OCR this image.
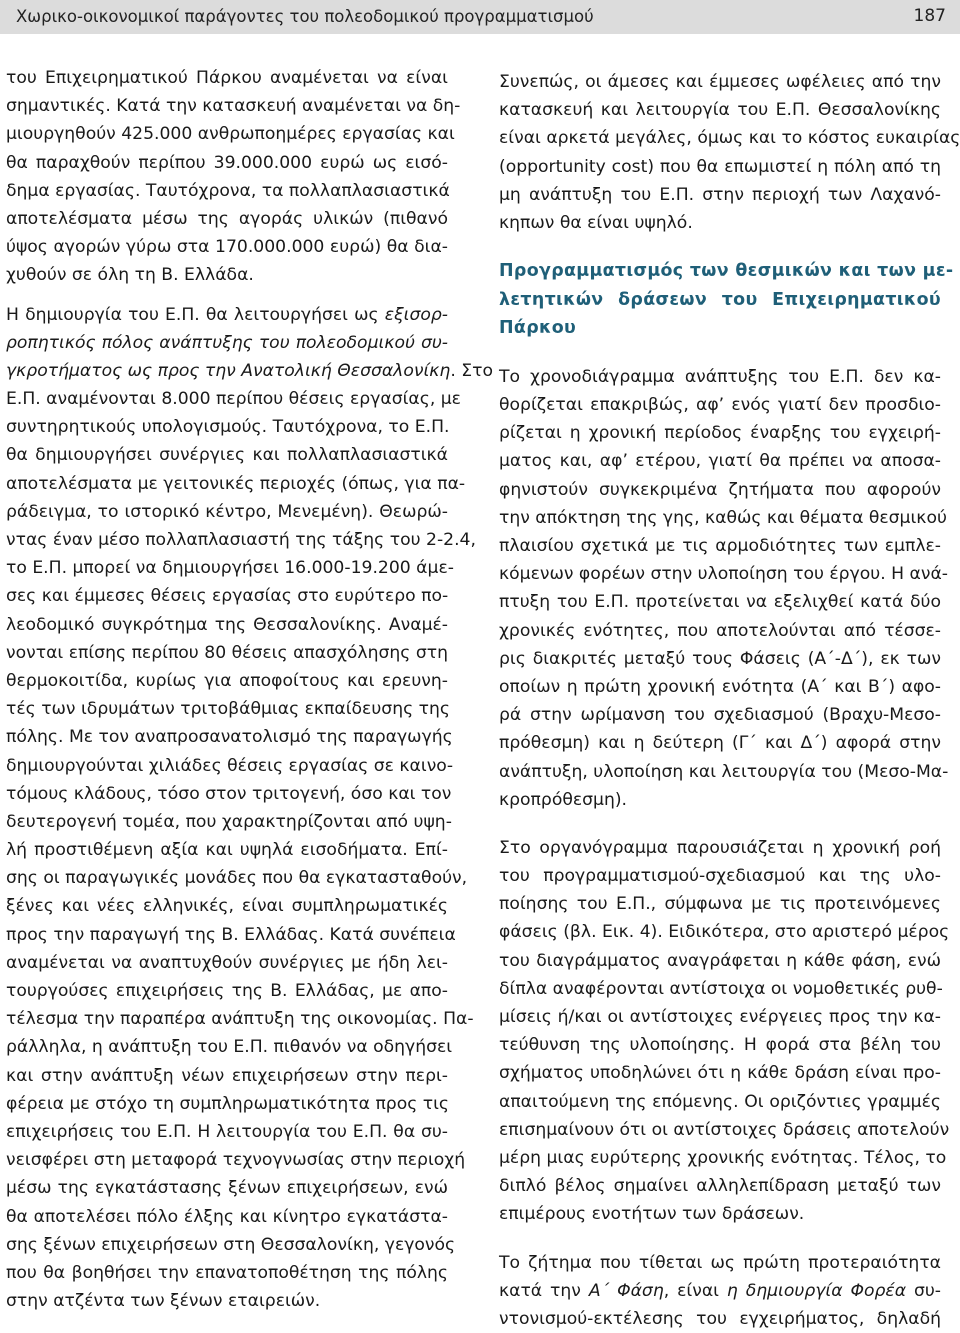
Χωρικο-οικονομικοί παράγοντες του πολεοδομικού προγραμματισμού	187
του Επιχειρηματικού Πάρκου αναμένεται να είναι
σημαντικές. Κατά την κατασκευή αναμένεται να δη-
μιουργηθούν 425.000 ανθρωποημέρες εργασίας και
θα παραχθούν περίπου 39.000.000 ευρώ ως εισό-
δημα εργασίας. Ταυτόχρονα, τα πολλαπλασιαστικά
αποτελέσματα μέσω της αγοράς υλικών (πιθανό
ύψος αγορών γύρω στα 170.000.000 ευρώ) θα δια-
χυθούν σε όλη τη Β. Ελλάδα.
Η δημιουργία του Ε.Π. θα λειτουργήσει ως εξισορ-
ροπητικός πόλος ανάπτυξης του πολεοδομικού συ-
γκροτήματος ως προς την Ανατολική Θεσσαλονίκη. Στο
Ε.Π. αναμένονται 8.000 περίπου θέσεις εργασίας, με
συντηρητικούς υπολογισμούς. Ταυτόχρονα, το Ε.Π.
θα δημιουργήσει συνέργιες και πολλαπλασιαστικά
αποτελέσματα με γειτονικές περιοχές (όπως, για πα-
ράδειγμα, το ιστορικό κέντρο, Μενεμένη). Θεωρώ-
ντας έναν μέσο πολλαπλασιαστή της τάξης του 2-2.4,
το Ε.Π. μπορεί να δημιουργήσει 16.000-19.200 άμε-
σες και έμμεσες θέσεις εργασίας στο ευρύτερο πο-
λεοδομικό συγκρότημα της Θεσσαλονίκης. Αναμέ-
νονται επίσης περίπου 80 θέσεις απασχόλησης στη
θερμοκοιτίδα, κυρίως για αποφοίτους και ερευνη-
τές των ιδρυμάτων τριτοβάθμιας εκπαίδευσης της
πόλης. Με τον αναπροσανατολισμό της παραγωγής
δημιουργούνται χιλιάδες θέσεις εργασίας σε καινο-
τόμους κλάδους, τόσο στον τριτογενή, όσο και τον
δευτερογενή τομέα, που χαρακτηρίζονται από υψη-
λή προστιθέμενη αξία και υψηλά εισοδήματα. Επί-
σης οι παραγωγικές μονάδες που θα εγκατασταθούν,
ξένες και νέες ελληνικές, είναι συμπληρωματικές
προς την παραγωγή της Β. Ελλάδας. Κατά συνέπεια
αναμένεται να αναπτυχθούν συνέργιες με ήδη λει-
τουργούσες επιχειρήσεις της Β. Ελλάδας, με απο-
τέλεσμα την παραπέρα ανάπτυξη της οικονομίας. Πα-
ράλληλα, η ανάπτυξη του Ε.Π. πιθανόν να οδηγήσει
και στην ανάπτυξη νέων επιχειρήσεων στην περι-
φέρεια με στόχο τη συμπληρωματικότητα προς τις
επιχειρήσεις του Ε.Π. Η λειτουργία του Ε.Π. θα συ-
νεισφέρει στη μεταφορά τεχνογνωσίας στην περιοχή
μέσω της εγκατάστασης ξένων επιχειρήσεων, ενώ
θα αποτελέσει πόλο έλξης και κίνητρο εγκατάστα-
σης ξένων επιχειρήσεων στη Θεσσαλονίκη, γεγονός
που θα βοηθήσει την επανατοποθέτηση της πόλης
στην ατζέντα των ξένων εταιρειών.
Συνεπώς, οι άμεσες και έμμεσες ωφέλειες από την
κατασκευή και λειτουργία του Ε.Π. Θεσσαλονίκης
είναι αρκετά μεγάλες, όμως και το κόστος ευκαιρίας
(opportunity cost) που θα επωμιστεί η πόλη από τη
μη ανάπτυξη του Ε.Π. στην περιοχή των Λαχανό-
κηπων θα είναι υψηλό.
Προγραμματισμός των θεσμικών και των με-
λετητικών δράσεων του Επιχειρηματικού
Πάρκου
Το χρονοδιάγραμμα ανάπτυξης του Ε.Π. δεν κα-
θορίζεται επακριβώς, αφ’ ενός γιατί δεν προσδιο-
ρίζεται η χρονική περίοδος έναρξης του εγχειρή-
ματος και, αφ’ ετέρου, γιατί θα πρέπει να αποσα-
φηνιστούν συγκεκριμένα ζητήματα που αφορούν
την απόκτηση της γης, καθώς και θέματα θεσμικού
πλαισίου σχετικά με τις αρμοδιότητες των εμπλε-
κόμενων φορέων στην υλοποίηση του έργου. Η ανά-
πτυξη του Ε.Π. προτείνεται να εξελιχθεί κατά δύο
χρονικές ενότητες, που αποτελούνται από τέσσε-
ρις διακριτές μεταξύ τους Φάσεις (Α΄-Δ΄), εκ των
οποίων η πρώτη χρονική ενότητα (Α΄ και Β΄) αφο-
ρά στην ωρίμανση του σχεδιασμού (Βραχυ-Μεσο-
πρόθεσμη) και η δεύτερη (Γ΄ και Δ΄) αφορά στην
ανάπτυξη, υλοποίηση και λειτουργία του (Μεσο-Μα-
κροπρόθεσμη).
Στο οργανόγραμμα παρουσιάζεται η χρονική ροή
του προγραμματισμού-σχεδιασμού και της υλο-
ποίησης του Ε.Π., σύμφωνα με τις προτεινόμενες
φάσεις (βλ. Εικ. 4). Ειδικότερα, στο αριστερό μέρος
του διαγράμματος αναγράφεται η κάθε φάση, ενώ
δίπλα αναφέρονται αντίστοιχα οι νομοθετικές ρυθ-
μίσεις ή/και οι αντίστοιχες ενέργειες προς την κα-
τεύθυνση της υλοποίησης. Η φορά στα βέλη του
σχήματος υποδηλώνει ότι η κάθε δράση είναι προ-
απαιτούμενη της επόμενης. Οι οριζόντιες γραμμές
επισημαίνουν ότι οι αντίστοιχες δράσεις αποτελούν
μέρη μιας ευρύτερης χρονικής ενότητας. Τέλος, το
διπλό βέλος σημαίνει αλληλεπίδραση μεταξύ των
επιμέρους ενοτήτων των δράσεων.
Το ζήτημα που τίθεται ως πρώτη προτεραιότητα
κατά την Α΄ Φάση, είναι η δημιουργία Φορέα συ-
ντονισμού-εκτέλεσης του εγχειρήματος, δηλαδή
